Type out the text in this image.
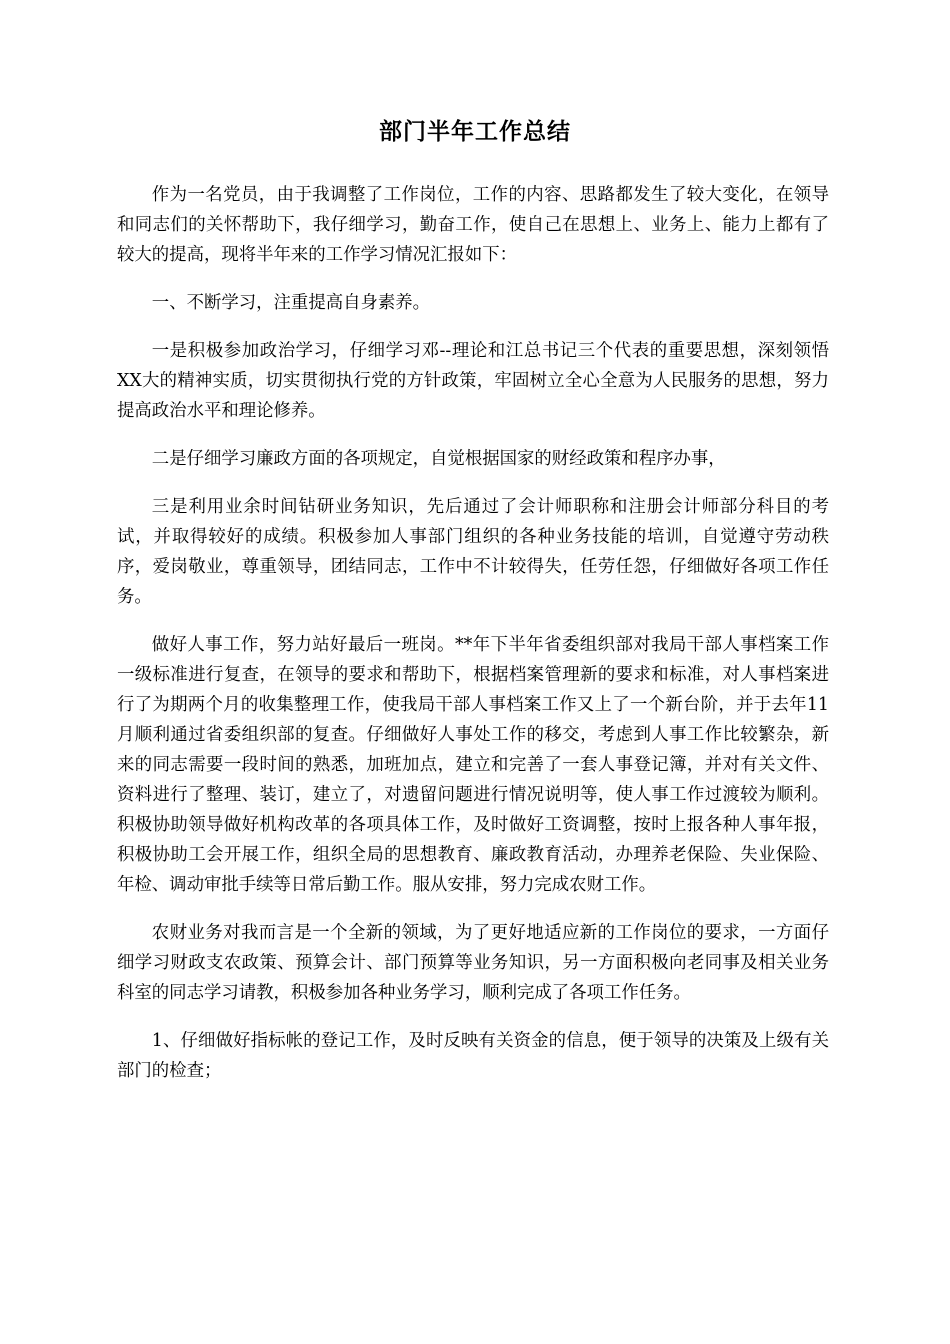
部门半年工作总结

作为一名党员，由于我调整了工作岗位，工作的内容、思路都发生了较大变化，在领导和同志们的关怀帮助下，我仔细学习，勤奋工作，使自己在思想上、业务上、能力上都有了较大的提高，现将半年来的工作学习情况汇报如下：

一、不断学习，注重提高自身素养。

一是积极参加政治学习，仔细学习邓--理论和江总书记三个代表的重要思想，深刻领悟XX大的精神实质，切实贯彻执行党的方针政策，牢固树立全心全意为人民服务的思想，努力提高政治水平和理论修养。

二是仔细学习廉政方面的各项规定，自觉根据国家的财经政策和程序办事，

三是利用业余时间钻研业务知识，先后通过了会计师职称和注册会计师部分科目的考试，并取得较好的成绩。积极参加人事部门组织的各种业务技能的培训，自觉遵守劳动秩序，爱岗敬业，尊重领导，团结同志，工作中不计较得失，任劳任怨，仔细做好各项工作任务。

做好人事工作，努力站好最后一班岗。**年下半年省委组织部对我局干部人事档案工作一级标准进行复查，在领导的要求和帮助下，根据档案管理新的要求和标准，对人事档案进行了为期两个月的收集整理工作，使我局干部人事档案工作又上了一个新台阶，并于去年11月顺利通过省委组织部的复查。仔细做好人事处工作的移交，考虑到人事工作比较繁杂，新来的同志需要一段时间的熟悉，加班加点，建立和完善了一套人事登记簿，并对有关文件、资料进行了整理、装订，建立了，对遗留问题进行情况说明等，使人事工作过渡较为顺利。积极协助领导做好机构改革的各项具体工作，及时做好工资调整，按时上报各种人事年报，积极协助工会开展工作，组织全局的思想教育、廉政教育活动，办理养老保险、失业保险、年检、调动审批手续等日常后勤工作。服从安排，努力完成农财工作。

农财业务对我而言是一个全新的领域，为了更好地适应新的工作岗位的要求，一方面仔细学习财政支农政策、预算会计、部门预算等业务知识，另一方面积极向老同事及相关业务科室的同志学习请教，积极参加各种业务学习，顺利完成了各项工作任务。

1、仔细做好指标帐的登记工作，及时反映有关资金的信息，便于领导的决策及上级有关部门的检查；
